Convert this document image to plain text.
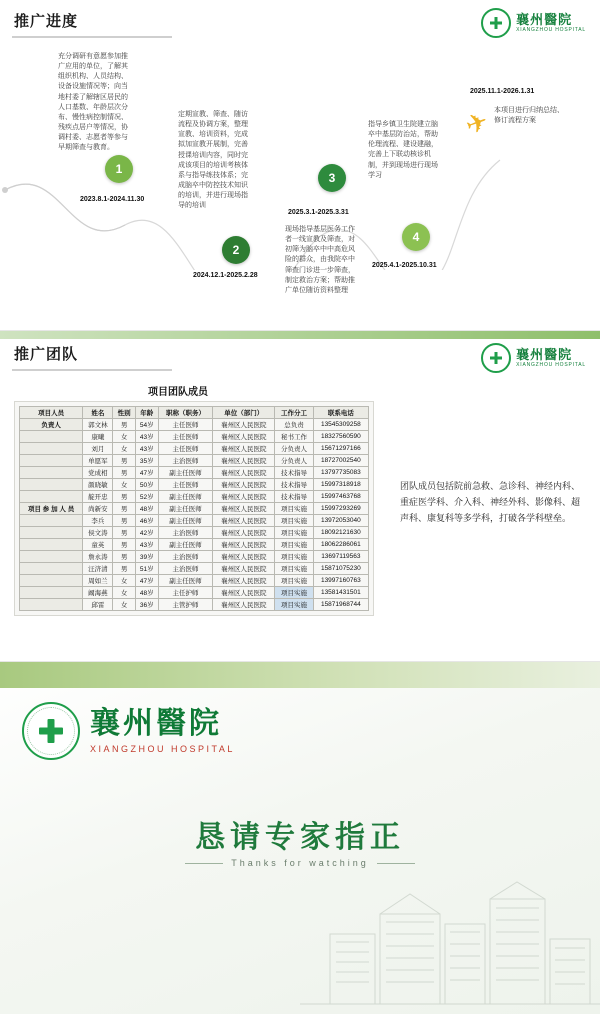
推广进度	襄州醫院
XIANGZHOU HOSPITAL
1
2
3
4
✈
2023.8.1-2024.11.30
2024.12.1-2025.2.28
2025.3.1-2025.3.31
2025.4.1-2025.10.31
2025.11.1-2026.1.31
充分调研有意愿参加推广应用的单位，了解其组织机构、人员结构、设备设施情况等；向当地村委了解辖区居民的人口基数、年龄层次分布、慢性病控制情况、残疾点居户等情况，协调村委、志愿者等参与早期筛查与教育。
定期宣教、筛查、随访流程及协调方案，整理宣教、培训资料，完成拟加宣教开展制，完善授课培训内容，同时完成该项目的培训考核体系与指导练技体系；完成脑卒中防控技术知识的培训，并进行现场指导的培训
现场指导基层医务工作者一线宣教及筛查，对初筛为脑卒中中高危风险的群众，由我院卒中筛查门诊进一步筛查，制定救治方案；帮助推广单位随访资料整理
指导乡镇卫生院建立脑卒中基层防治站，帮助伦理流程、建设建融，完善上下联动核诊机制，并到现场进行现场学习
本项目进行归纳总结、修订流程方案
推广团队	襄州醫院
XIANGZHOU HOSPITAL
项目团队成员
项目人员	姓名	性别	年龄	职称（职务）	单位（部门）	工作分工	联系电话
负责人	郭文林	男	54岁	主任医师	襄州区人民医院	总负责	13545309258
	康曦	女	43岁	主任医师	襄州区人民医院	秘书工作	18327560590
	刘月	女	43岁	主任医师	襄州区人民医院	分负责人	15671297166
	单愿军	男	35岁	主治医师	襄州区人民医院	分负责人	18727002540
	党成相	男	47岁	副主任医师	襄州区人民医院	技术指导	13797735083
	颜晓敏	女	50岁	主任医师	襄州区人民医院	技术指导	15997318918
	靛开忠	男	52岁	副主任医师	襄州区人民医院	技术指导	15997463768
项目 参 加 人 员	尚新安	男	48岁	副主任医师	襄州区人民医院	项目实施	15997293269
	李兵	男	46岁	副主任医师	襄州区人民医院	项目实施	13972053040
	侯文涛	男	42岁	主治医师	襄州区人民医院	项目实施	18092121630
	童英	男	43岁	副主任医师	襄州区人民医院	项目实施	18062286061
	詹永涛	男	39岁	主治医师	襄州区人民医院	项目实施	13697119563
	汪济清	男	51岁	主治医师	襄州区人民医院	项目实施	15871075230
	周如兰	女	47岁	副主任医师	襄州区人民医院	项目实施	13997160763
	阚海燕	女	48岁	主任护师	襄州区人民医院	项目实施	13581431501
	邱雷	女	36岁	主管护师	襄州区人民医院	项目实施	15871968744
团队成员包括院前急救、急诊科、神经内科、重症医学科、介入科、神经外科、影像科、超声科、康复科等多学科，打破各学科壁垒。
襄州醫院
XIANGZHOU HOSPITAL
恳请专家指正
Thanks for watching
